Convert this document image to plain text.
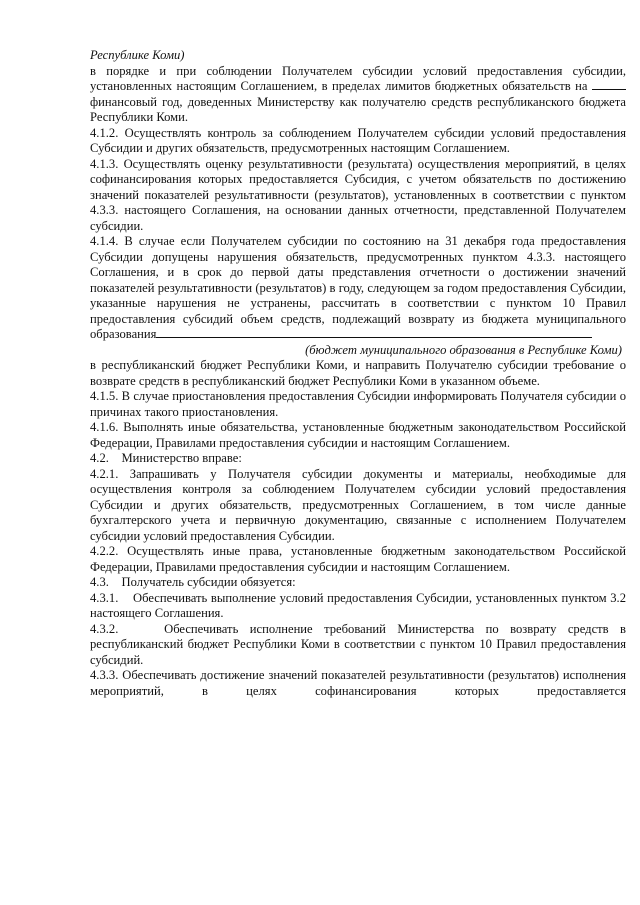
Республике Коми)

в порядке и при соблюдении Получателем субсидии условий предоставления субсидии, установленных настоящим Соглашением, в пределах лимитов бюджетных обязательств на  финансовый год, доведенных Министерству как получателю средств республиканского бюджета Республики Коми.

4.1.2. Осуществлять контроль за соблюдением Получателем субсидии условий предоставления Субсидии и других обязательств, предусмотренных настоящим Соглашением.

4.1.3. Осуществлять оценку результативности (результата) осуществления мероприятий, в целях софинансирования которых предоставляется Субсидия, с учетом обязательств по достижению значений показателей результативности (результатов), установленных в соответствии с пунктом 4.3.3. настоящего Соглашения, на основании данных отчетности, представленной Получателем субсидии.

4.1.4. В случае если Получателем субсидии по состоянию на 31 декабря года предоставления Субсидии допущены нарушения обязательств, предусмотренных пунктом 4.3.3. настоящего Соглашения, и в срок до первой даты представления отчетности о достижении значений показателей результативности (результатов) в году, следующем за годом предоставления Субсидии, указанные нарушения не устранены, рассчитать в соответствии с пунктом 10 Правил предоставления субсидий объем средств, подлежащий возврату из бюджета муниципального

образования

(бюджет муниципального образования в Республике Коми)

в республиканский бюджет Республики Коми, и направить Получателю субсидии требование о возврате средств в республиканский бюджет Республики Коми в указанном объеме.

4.1.5. В случае приостановления предоставления Субсидии информировать Получателя субсидии о причинах такого приостановления.

4.1.6. Выполнять иные обязательства, установленные бюджетным законодательством Российской Федерации, Правилами предоставления субсидии и настоящим Соглашением.

4.2.    Министерство вправе:

4.2.1. Запрашивать у Получателя субсидии документы и материалы, необходимые для осуществления контроля за соблюдением Получателем субсидии условий предоставления Субсидии и других обязательств, предусмотренных Соглашением, в том числе данные бухгалтерского учета и первичную документацию, связанные с исполнением Получателем субсидии условий предоставления Субсидии.

4.2.2. Осуществлять иные права, установленные бюджетным законодательством Российской Федерации, Правилами предоставления субсидии и настоящим Соглашением.

4.3.    Получатель субсидии обязуется:

4.3.1.    Обеспечивать выполнение условий предоставления Субсидии, установленных пунктом 3.2 настоящего Соглашения.

4.3.2.    Обеспечивать исполнение требований Министерства по возврату средств в республиканский бюджет Республики Коми в соответствии с пунктом 10 Правил предоставления субсидий.

4.3.3. Обеспечивать достижение значений показателей результативности (результатов) исполнения мероприятий, в целях софинансирования которых предоставляется
